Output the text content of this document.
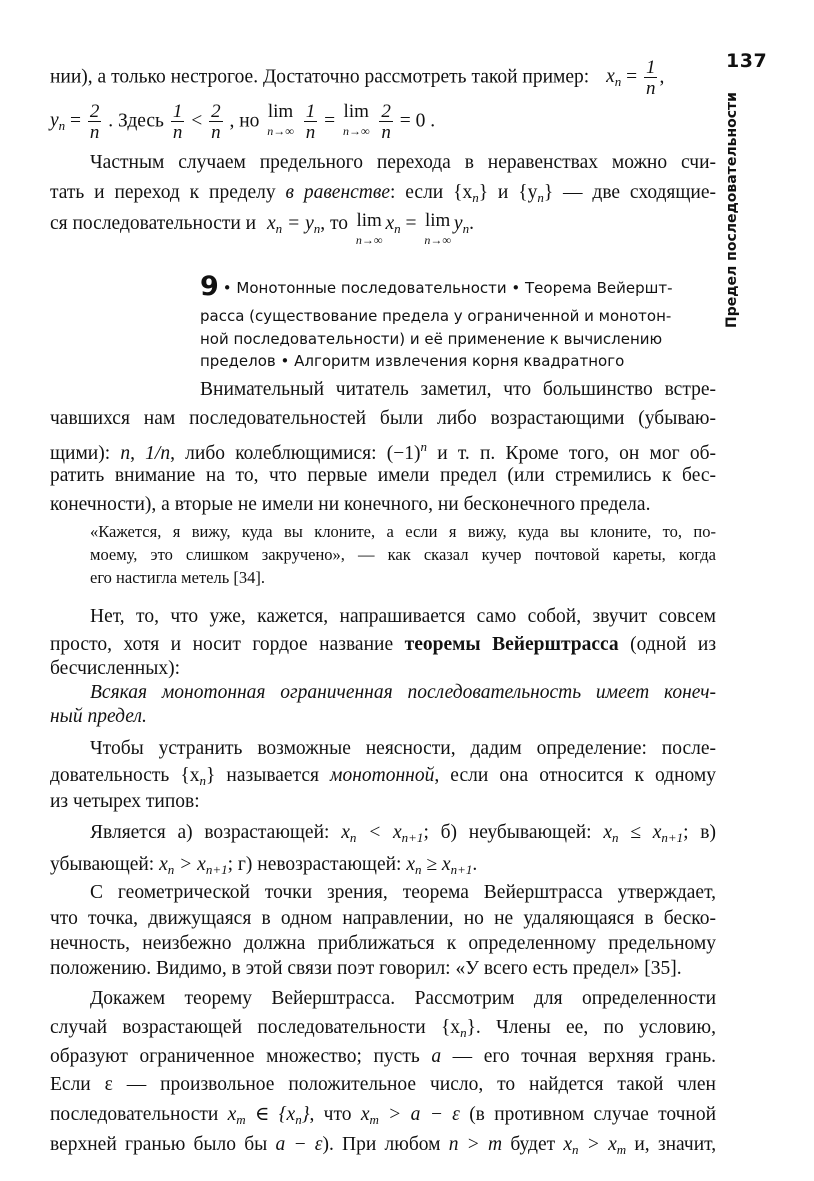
137
Предел последовательности
нии), а только нестрогое. Достаточно рассмотреть такой пример: $x_n = \frac{1}{n}$ ,
$y_n = \frac{2}{n}$ . Здесь $\frac{1}{n} < \frac{2}{n}$ , но lim
n→∞
$\frac{1}{n} = \lim$
n→∞
$\frac{2}{n} = 0$ .
Частным случаем предельного перехода в неравенствах можно счи-
тать и переход к пределу в равенстве: если $\{x_n\}$ и $\{y_n\}$ — две сходящие-
ся последовательности и $x_n = y_n$, то lim
n→∞
$x_n = \lim$
n→∞
$y_n$.
9 • Монотонные последовательности • Теорема Вейершт-
расса (существование предела у ограниченной и монотон-
ной последовательности) и её применение к вычислению
пределов • Алгоритм извлечения корня квадратного
Внимательный читатель заметил, что большинство встре-
чавшихся нам последовательностей были либо возрастающими (убываю-
щими): n, 1/n, либо колеблющимися: $(-1)^n$ и т. п. Кроме того, он мог об-
ратить внимание на то, что первые имели предел (или стремились к бес-
конечности), а вторые не имели ни конечного, ни бесконечного предела.
«Кажется, я вижу, куда вы клоните, а если я вижу, куда вы клоните, то, по-
моему, это слишком закручено», — как сказал кучер почтовой кареты, когда
его настигла метель [34].
Нет, то, что уже, кажется, напрашивается само собой, звучит совсем
просто, хотя и носит гордое название теоремы Вейерштрасса (одной из
бесчисленных):
Всякая монотонная ограниченная последовательность имеет конеч-
ный предел.
Чтобы устранить возможные неясности, дадим определение: после-
довательность $\{x_n\}$ называется монотонной, если она относится к одному
из четырех типов:
Является а) возрастающей: $x_n < x_{n+1}$; б) неубывающей: $x_n \le x_{n+1}$; в)
убывающей: $x_n > x_{n+1}$; г) невозрастающей: $x_n \ge x_{n+1}$.
С геометрической точки зрения, теорема Вейерштрасса утверждает,
что точка, движущаяся в одном направлении, но не удаляющаяся в беско-
нечность, неизбежно должна приближаться к определенному предельному
положению. Видимо, в этой связи поэт говорил: «У всего есть предел» [35].
Докажем теорему Вейерштрасса. Рассмотрим для определенности
случай возрастающей последовательности $\{x_n\}$. Члены ее, по условию,
образуют ограниченное множество; пусть a — его точная верхняя грань.
Если ε — произвольное положительное число, то найдется такой член
последовательности $x_m$ ∈ $\{x_n\}$, что $x_m > a - \varepsilon$ (в противном случае точной
верхней гранью было бы a − ε). При любом n > m будет $x_n > x_m$ и, значит,
